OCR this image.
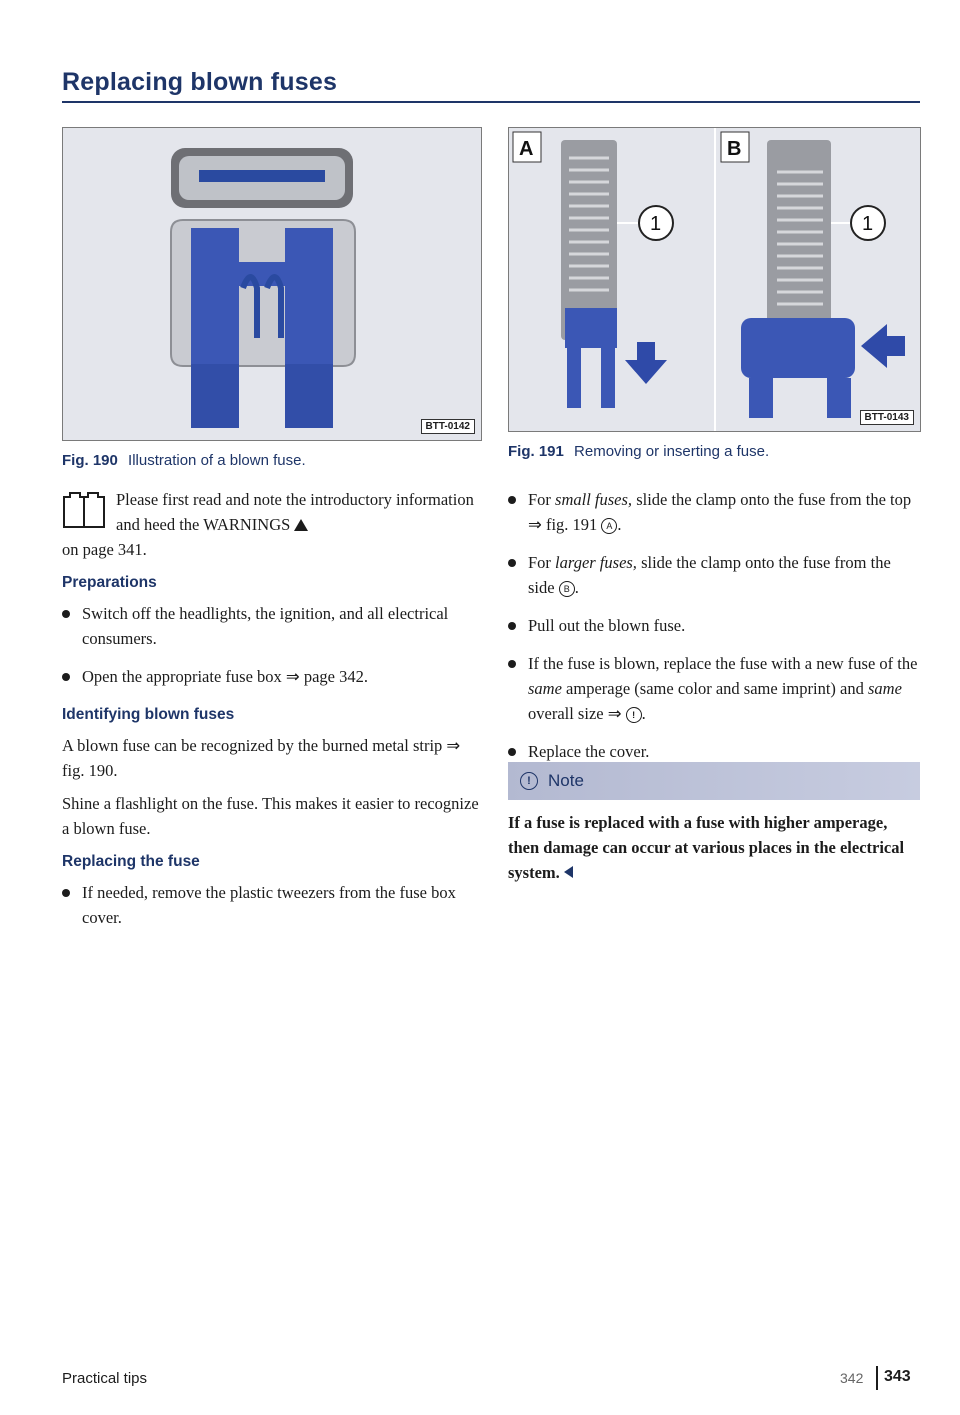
Replacing blown fuses
BTT-0142
Fig. 190 Illustration of a blown fuse.
A	B
1	1
BTT-0143
Fig. 191 Removing or inserting a fuse.

Please first read and note the introductory information and heed the WARNINGS
on page 341.

Preparations
Switch off the headlights, the ignition, and all electrical consumers.
Open the appropriate fuse box ⇒ page 342.
Identifying blown fuses

A blown fuse can be recognized by the burned metal strip ⇒ fig. 190.

Shine a flashlight on the fuse. This makes it easier to recognize a blown fuse.

Replacing the fuse
If needed, remove the plastic tweezers from the fuse box cover.
For small fuses, slide the clamp onto the fuse from the top ⇒ fig. 191 A .
For larger fuses, slide the clamp onto the fuse from the side B .
Pull out the blown fuse.
If the fuse is blown, replace the fuse with a new fuse of the same amperage (same color and same imprint) and same overall size ⇒ ! .
Replace the cover.
!	Note
If a fuse is replaced with a fuse with higher amperage, then damage can occur at various places in the electrical system.
Practical tips	342 343
